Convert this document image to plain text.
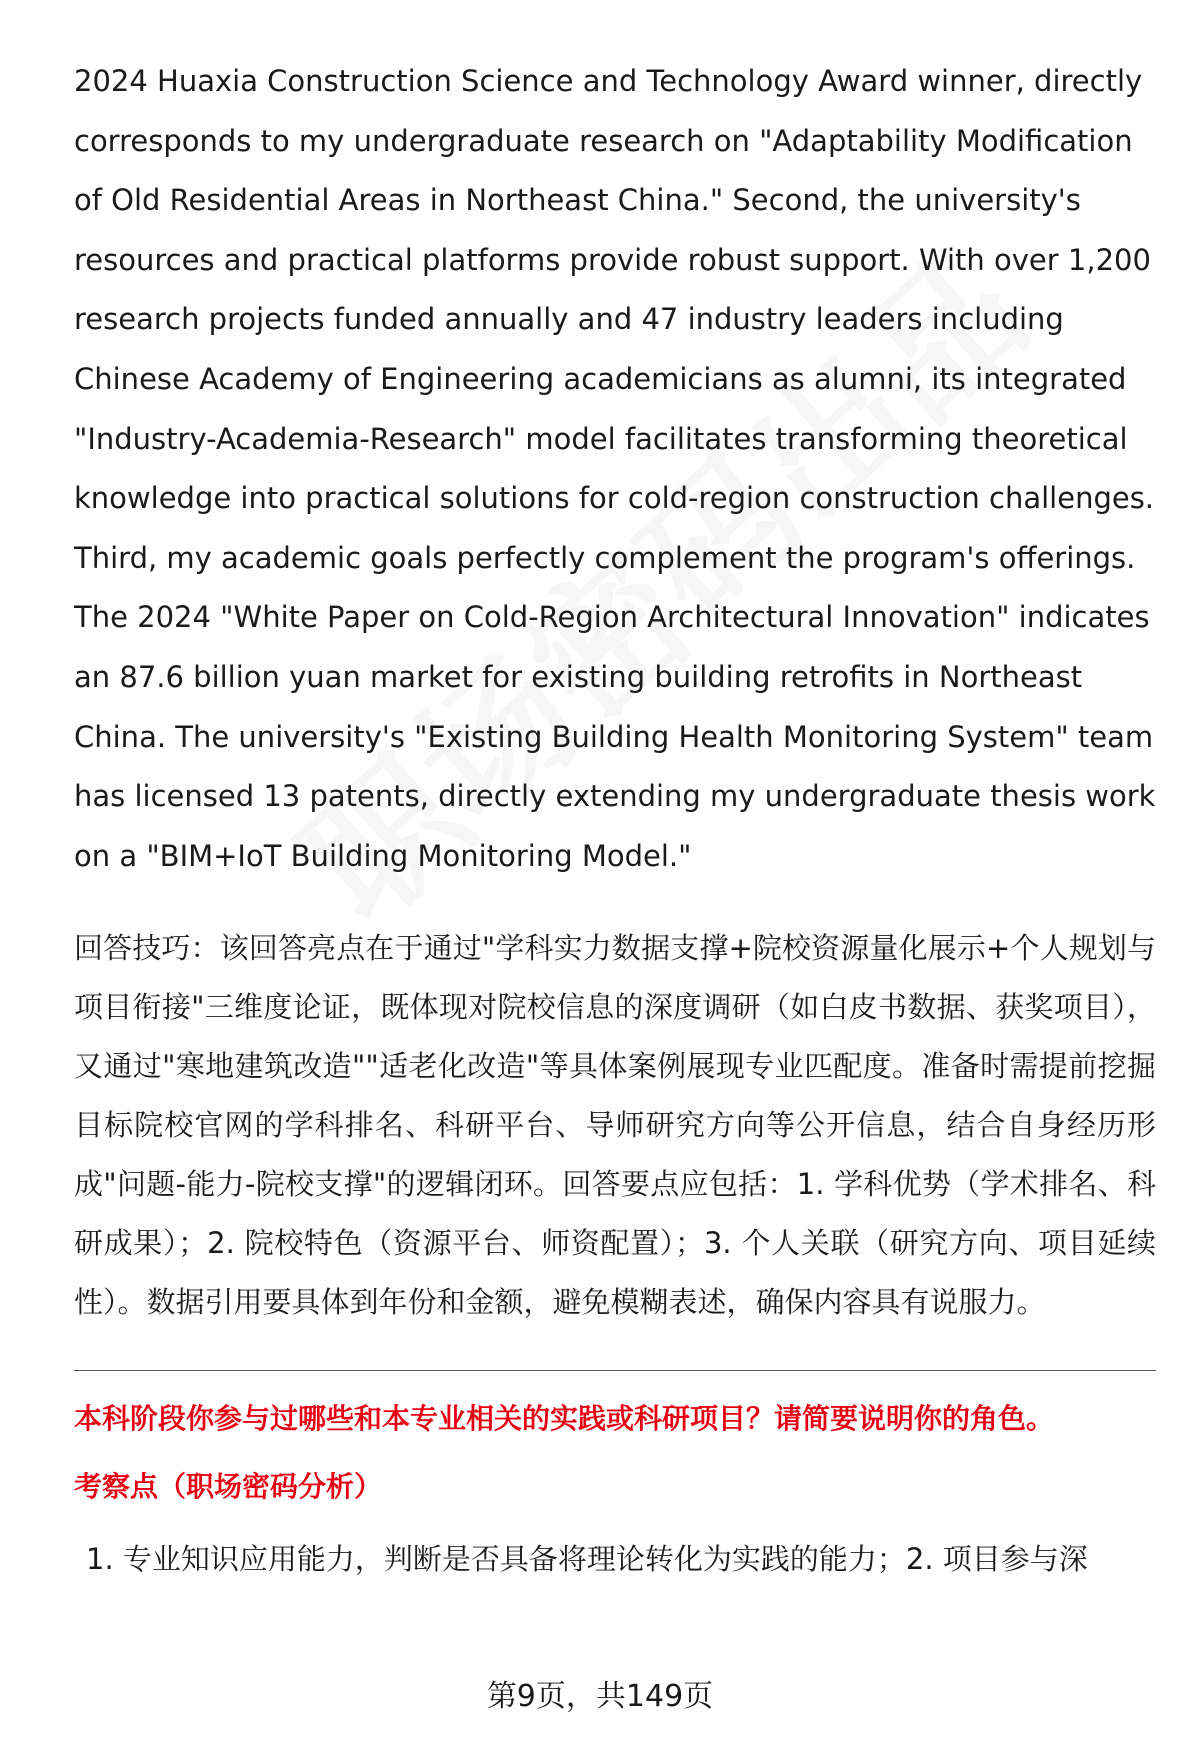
2024 Huaxia Construction Science and Technology Award winner, directly corresponds to my undergraduate research on "Adaptability Modification of Old Residential Areas in Northeast China." Second, the university's resources and practical platforms provide robust support. With over 1,200 research projects funded annually and 47 industry leaders including Chinese Academy of Engineering academicians as alumni, its integrated "Industry-Academia-Research" model facilitates transforming theoretical knowledge into practical solutions for cold-region construction challenges. Third, my academic goals perfectly complement the program's offerings. The 2024 "White Paper on Cold-Region Architectural Innovation" indicates an 87.6 billion yuan market for existing building retrofits in Northeast China. The university's "Existing Building Health Monitoring System" team has licensed 13 patents, directly extending my undergraduate thesis work on a "BIM+IoT Building Monitoring Model."

回答技巧：该回答亮点在于通过"学科实力数据支撑+院校资源量化展示+个人规划与项目衔接"三维度论证，既体现对院校信息的深度调研（如白皮书数据、获奖项目），又通过"寒地建筑改造""适老化改造"等具体案例展现专业匹配度。准备时需提前挖掘目标院校官网的学科排名、科研平台、导师研究方向等公开信息，结合自身经历形成"问题-能力-院校支撑"的逻辑闭环。回答要点应包括：1. 学科优势（学术排名、科研成果）；2. 院校特色（资源平台、师资配置）；3. 个人关联（研究方向、项目延续性）。数据引用要具体到年份和金额，避免模糊表述，确保内容具有说服力。

本科阶段你参与过哪些和本专业相关的实践或科研项目？请简要说明你的角色。

考察点（职场密码分析）

1. 专业知识应用能力，判断是否具备将理论转化为实践的能力；2. 项目参与深

第9页，共149页
